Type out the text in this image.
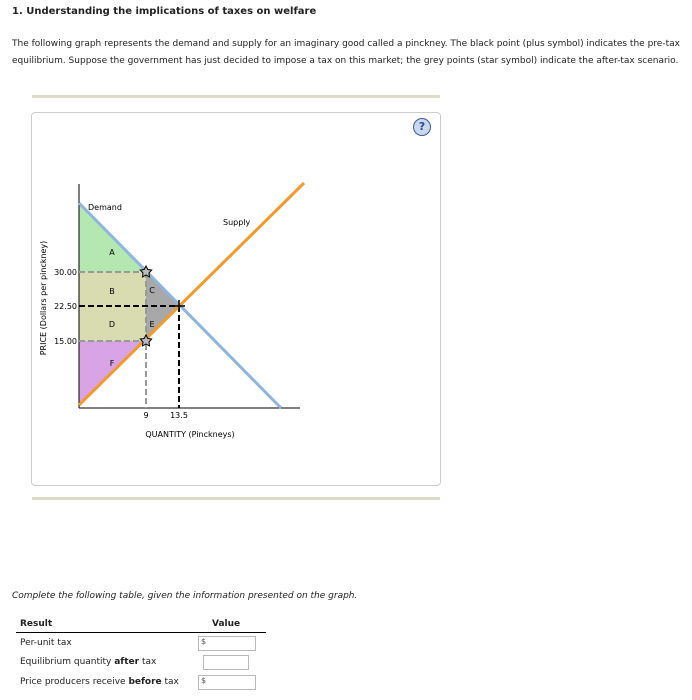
1. Understanding the implications of taxes on welfare
The following graph represents the demand and supply for an imaginary good called a pinckney. The black point (plus symbol) indicates the pre-tax equilibrium. Suppose the government has just decided to impose a tax on this market; the grey points (star symbol) indicate the after-tax scenario.
?
Demand
Supply
30.00
22.50
15.00
9	13.5
QUANTITY (Pinckneys)
PRICE (Dollars per pinckney)	A
B	C
D	E
F
Complete the following table, given the information presented on the graph.
Result	Value
Per-unit tax	$
Equilibrium quantity after tax
Price producers receive before tax	$
